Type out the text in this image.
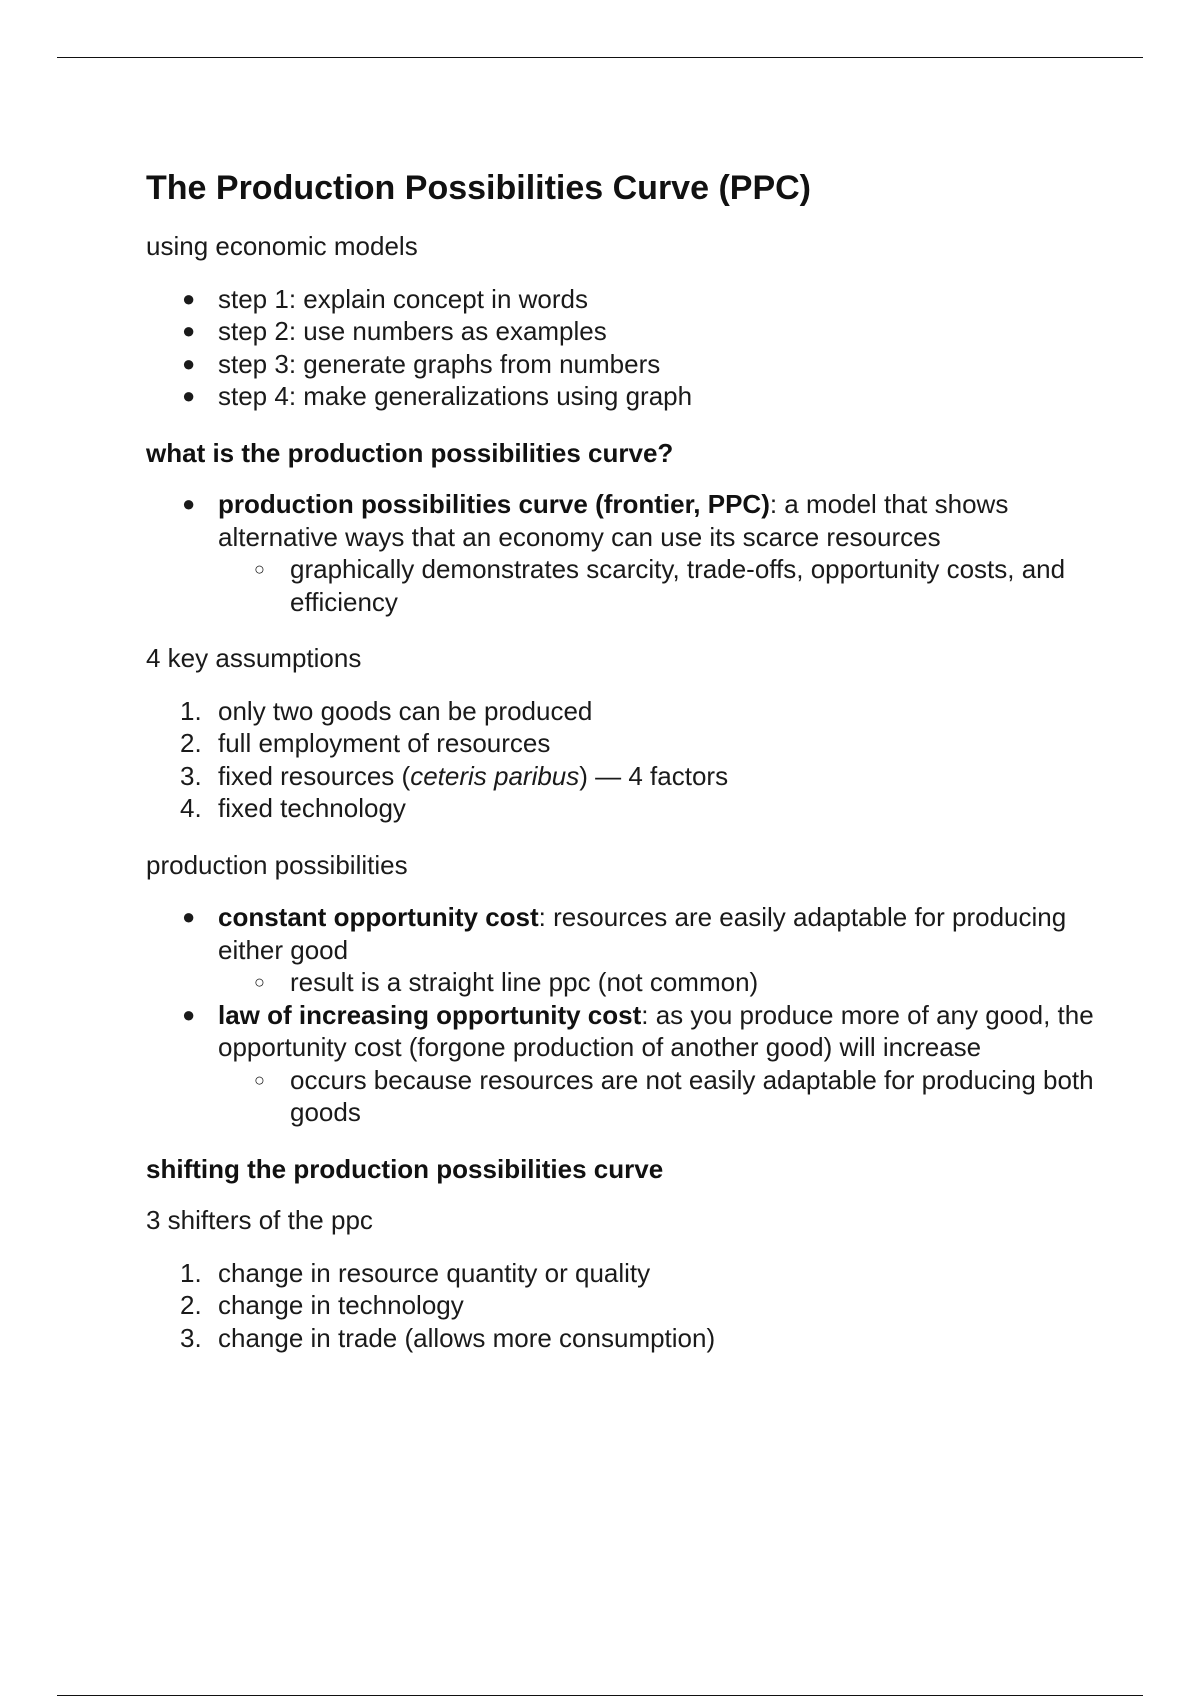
The Production Possibilities Curve (PPC)

using economic models

● step 1: explain concept in words
● step 2: use numbers as examples
● step 3: generate graphs from numbers
● step 4: make generalizations using graph
what is the production possibilities curve?
● production possibilities curve (frontier, PPC): a model that shows alternative ways that an economy can use its scarce resources
○ graphically demonstrates scarcity, trade-offs, opportunity costs, and efficiency

4 key assumptions

1. only two goods can be produced
2. full employment of resources
3. fixed resources (ceteris paribus) — 4 factors
4. fixed technology

production possibilities

● constant opportunity cost: resources are easily adaptable for producing either good
○ result is a straight line ppc (not common)
● law of increasing opportunity cost: as you produce more of any good, the opportunity cost (forgone production of another good) will increase
○ occurs because resources are not easily adaptable for producing both goods
shifting the production possibilities curve

3 shifters of the ppc

1. change in resource quantity or quality
2. change in technology
3. change in trade (allows more consumption)
